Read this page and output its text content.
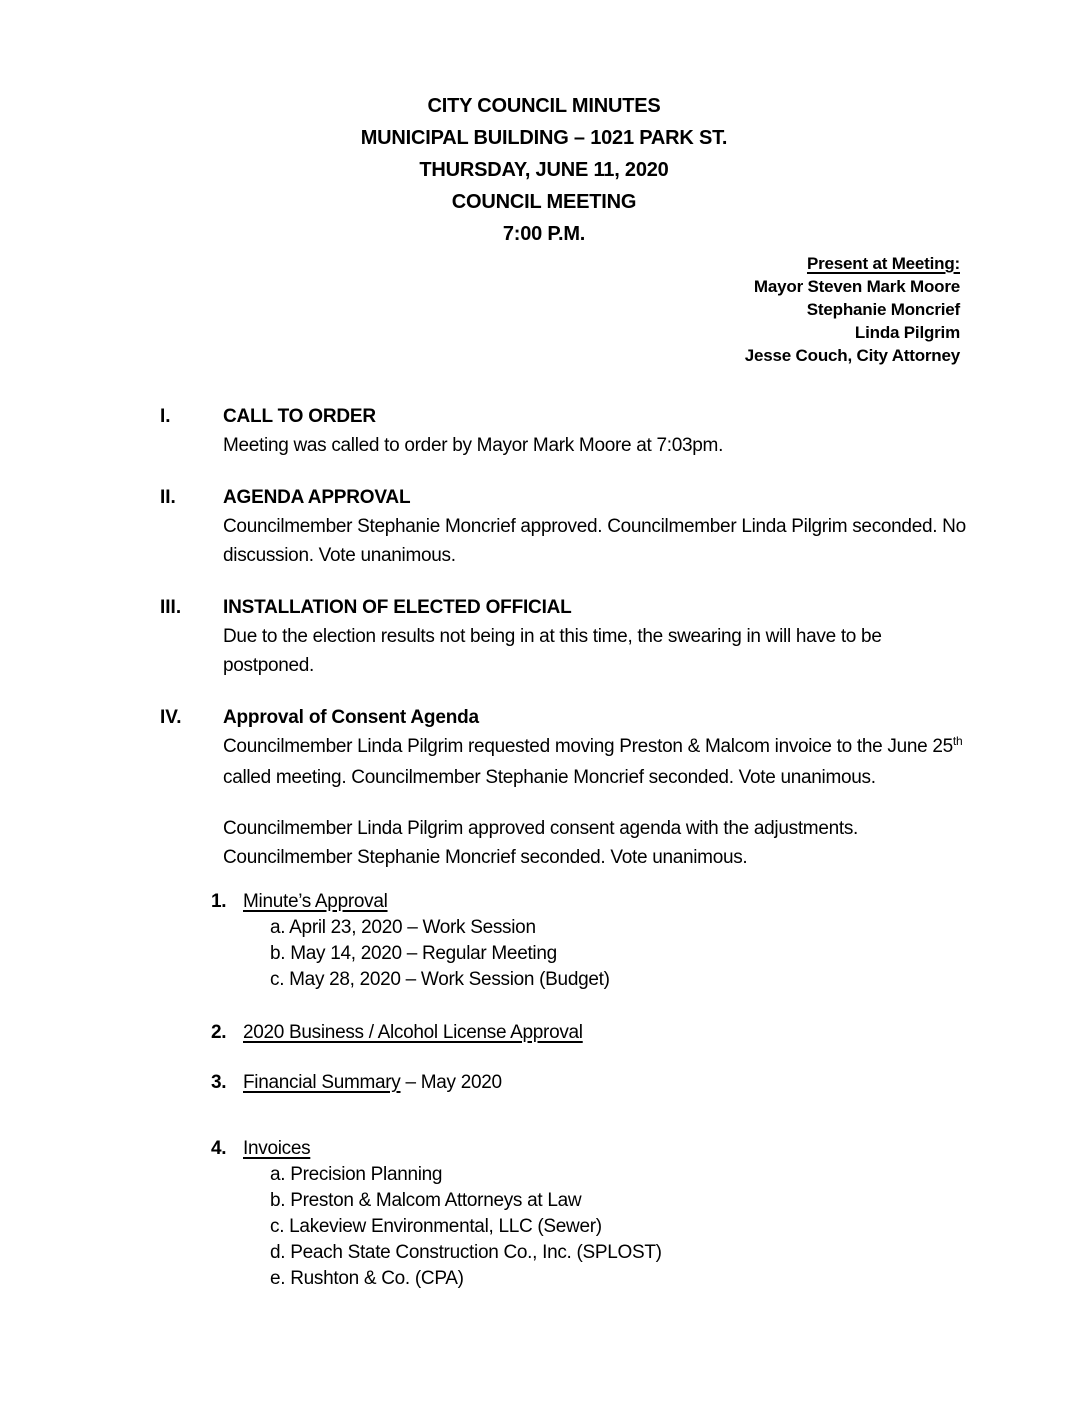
CITY COUNCIL MINUTES
MUNICIPAL BUILDING – 1021 PARK ST.
THURSDAY, JUNE 11, 2020
COUNCIL MEETING
7:00 P.M.
Present at Meeting:
Mayor Steven Mark Moore
Stephanie Moncrief
Linda Pilgrim
Jesse Couch, City Attorney
I.	CALL TO ORDER
Meeting was called to order by Mayor Mark Moore at 7:03pm.
II.	AGENDA APPROVAL
Councilmember Stephanie Moncrief approved. Councilmember Linda Pilgrim seconded. No
discussion. Vote unanimous.
III.	INSTALLATION OF ELECTED OFFICIAL
Due to the election results not being in at this time, the swearing in will have to be
postponed.
IV.	Approval of Consent Agenda
Councilmember Linda Pilgrim requested moving Preston & Malcom invoice to the June 25th
called meeting. Councilmember Stephanie Moncrief seconded. Vote unanimous.
Councilmember Linda Pilgrim approved consent agenda with the adjustments.
Councilmember Stephanie Moncrief seconded. Vote unanimous.
1. Minute’s Approval
a. April 23, 2020 – Work Session
b. May 14, 2020 – Regular Meeting
c. May 28, 2020 – Work Session (Budget)
2. 2020 Business / Alcohol License Approval
3. Financial Summary – May 2020
4. Invoices
a. Precision Planning
b. Preston & Malcom Attorneys at Law
c. Lakeview Environmental, LLC (Sewer)
d. Peach State Construction Co., Inc. (SPLOST)
e. Rushton & Co. (CPA)
